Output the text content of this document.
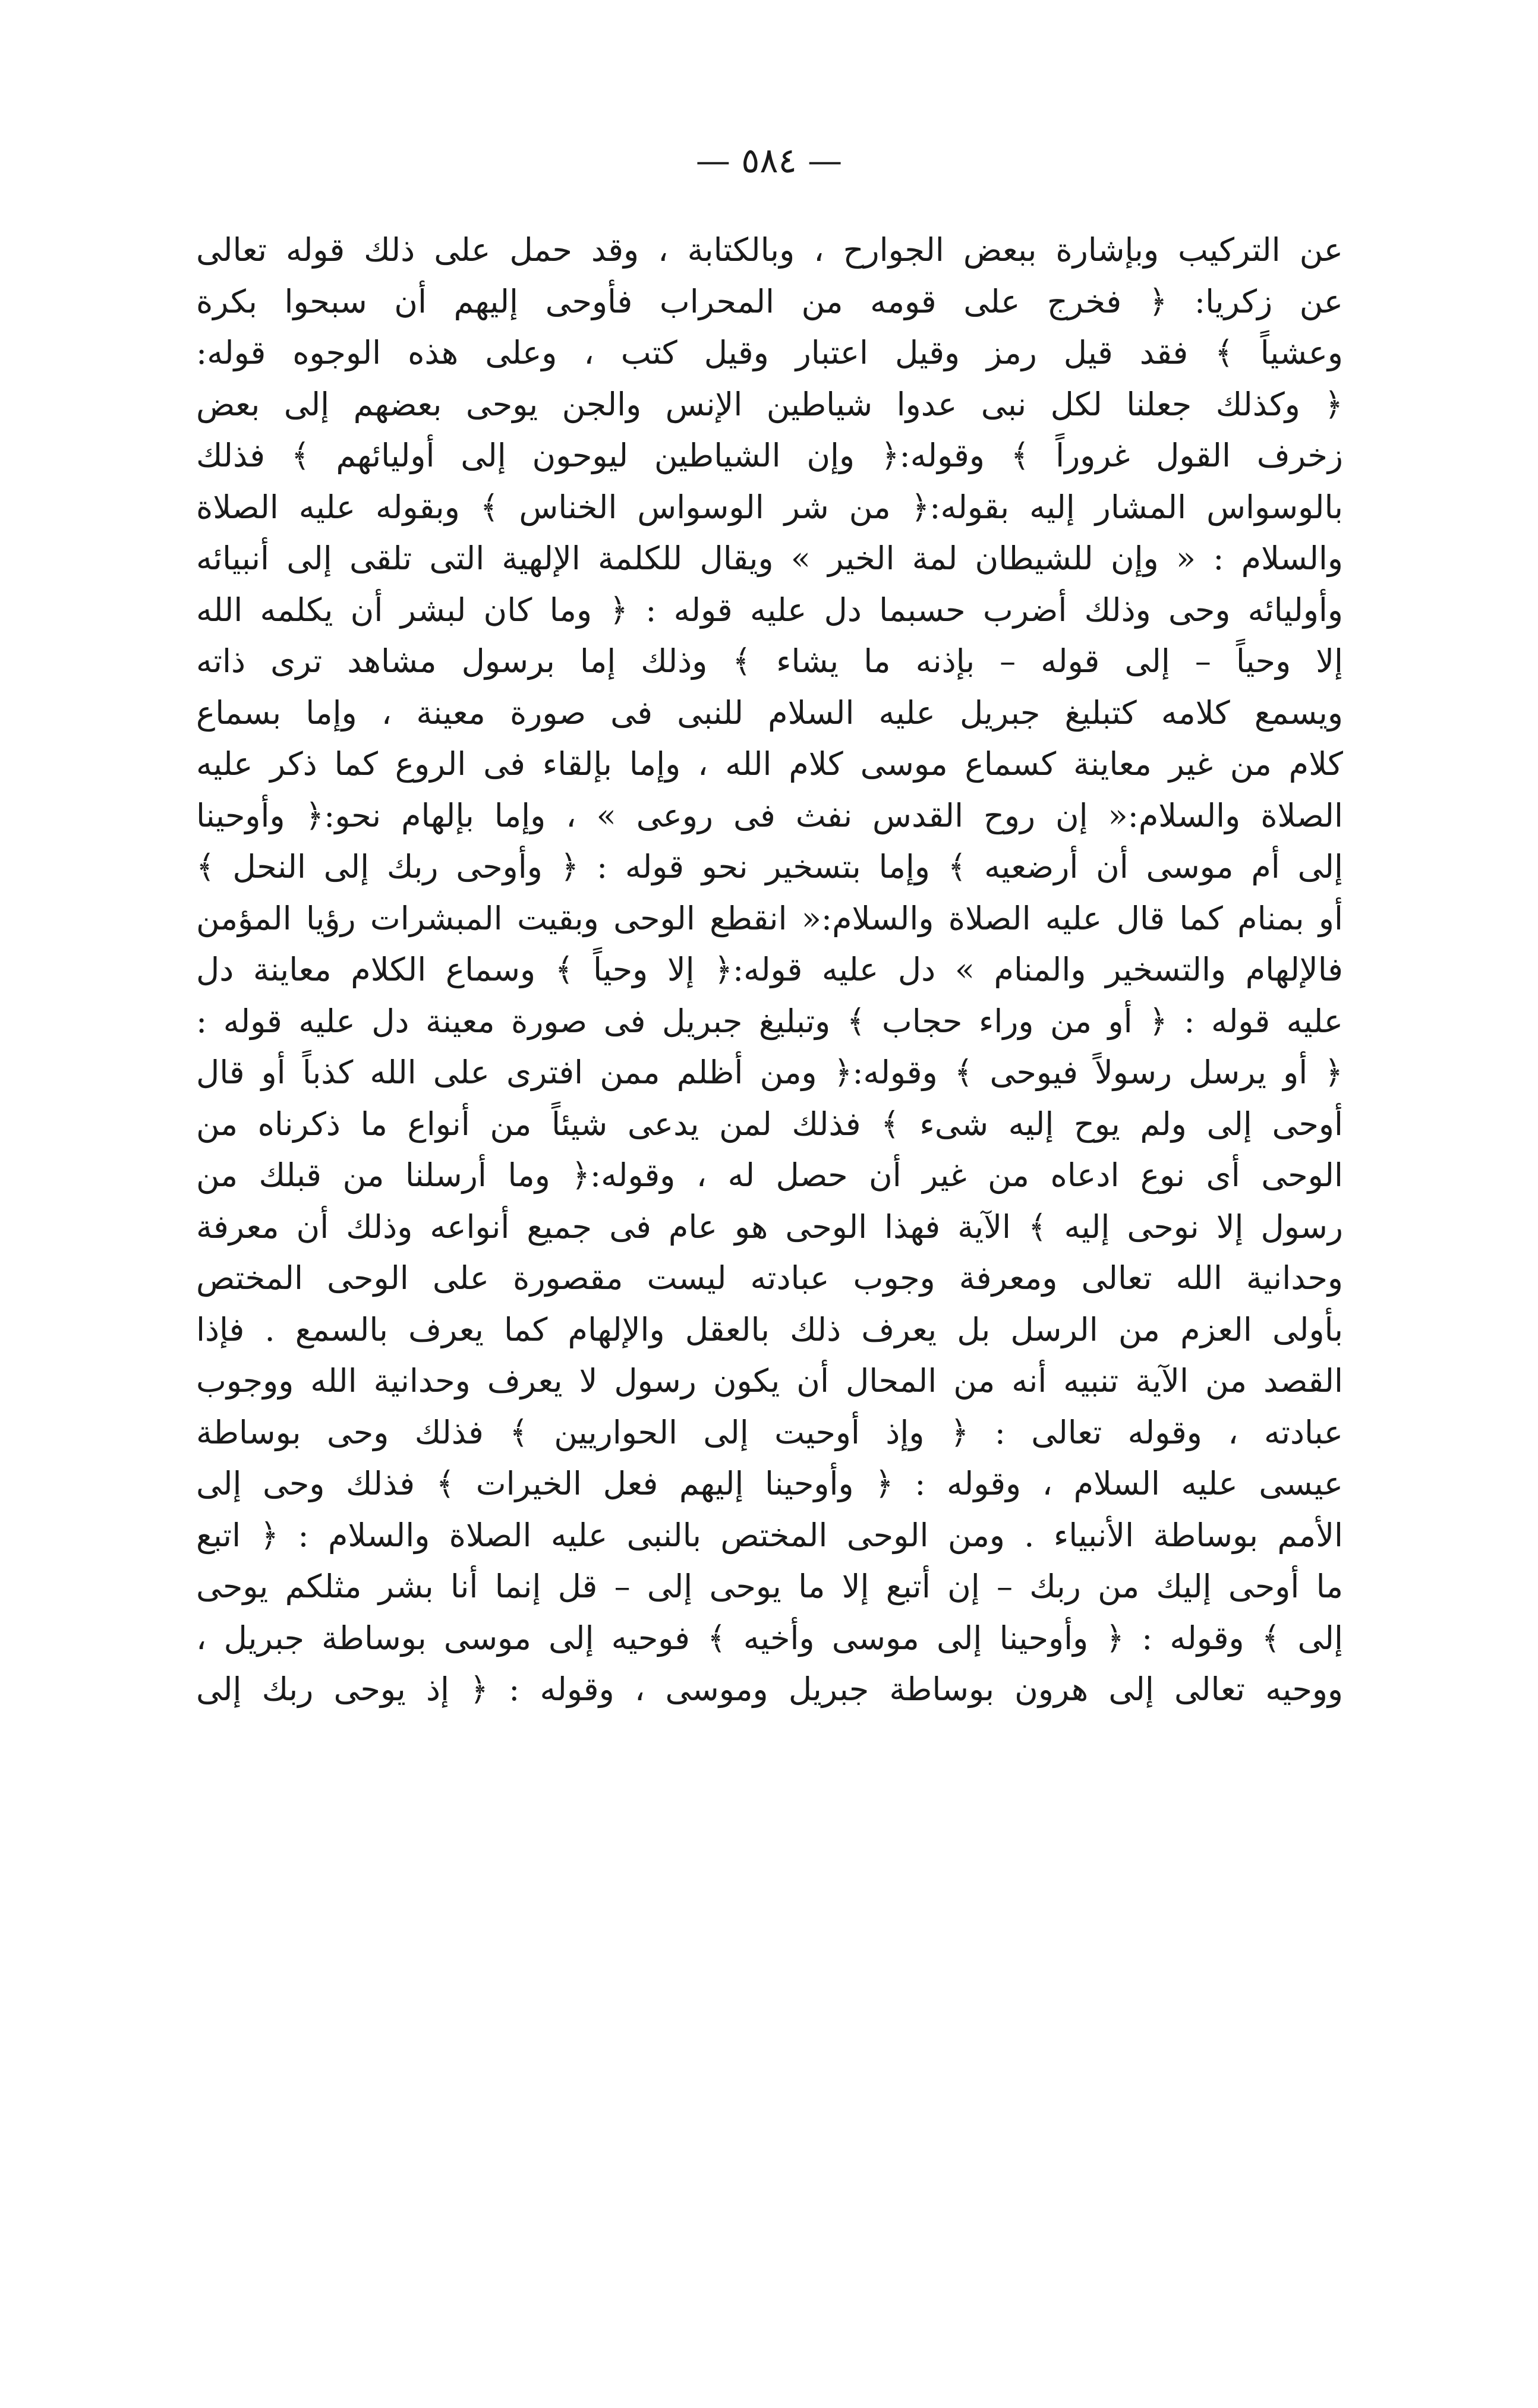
— ٥٨٤ —
عن التركيب وبإشارة ببعض الجوارح ، وبالكتابة ، وقد حمل على ذلك قوله تعالى
عن زكريا: ﴿ فخرج على قومه من المحراب فأوحى إليهم أن سبحوا بكرة
وعشياً ﴾ فقد قيل رمز وقيل اعتبار وقيل كتب ، وعلى هذه الوجوه قوله:
﴿ وكذلك جعلنا لكل نبى عدوا شياطين الإنس والجن يوحى بعضهم إلى بعض
زخرف القول غروراً ﴾ وقوله:﴿ وإن الشياطين ليوحون إلى أوليائهم ﴾ فذلك
بالوسواس المشار إليه بقوله:﴿ من شر الوسواس الخناس ﴾ وبقوله عليه الصلاة
والسلام : « وإن للشيطان لمة الخير » ويقال للكلمة الإلهية التى تلقى إلى أنبيائه
وأوليائه وحى وذلك أضرب حسبما دل عليه قوله : ﴿ وما كان لبشر أن يكلمه الله
إلا وحياً – إلى قوله – بإذنه ما يشاء ﴾ وذلك إما برسول مشاهد ترى ذاته
ويسمع كلامه كتبليغ جبريل عليه السلام للنبى فى صورة معينة ، وإما بسماع
كلام من غير معاينة كسماع موسى كلام الله ، وإما بإلقاء فى الروع كما ذكر عليه
الصلاة والسلام:« إن روح القدس نفث فى روعى » ، وإما بإلهام نحو:﴿ وأوحينا
إلى أم موسى أن أرضعيه ﴾ وإما بتسخير نحو قوله : ﴿ وأوحى ربك إلى النحل ﴾
أو بمنام كما قال عليه الصلاة والسلام:« انقطع الوحى وبقيت المبشرات رؤيا المؤمن
فالإلهام والتسخير والمنام » دل عليه قوله:﴿ إلا وحياً ﴾ وسماع الكلام معاينة دل
عليه قوله : ﴿ أو من وراء حجاب ﴾ وتبليغ جبريل فى صورة معينة دل عليه قوله :
﴿ أو يرسل رسولاً فيوحى ﴾ وقوله:﴿ ومن أظلم ممن افترى على الله كذباً أو قال
أوحى إلى ولم يوح إليه شىء ﴾ فذلك لمن يدعى شيئاً من أنواع ما ذكرناه من
الوحى أى نوع ادعاه من غير أن حصل له ، وقوله:﴿ وما أرسلنا من قبلك من
رسول إلا نوحى إليه ﴾ الآية فهذا الوحى هو عام فى جميع أنواعه وذلك أن معرفة
وحدانية الله تعالى ومعرفة وجوب عبادته ليست مقصورة على الوحى المختص
بأولى العزم من الرسل بل يعرف ذلك بالعقل والإلهام كما يعرف بالسمع . فإذا
القصد من الآية تنبيه أنه من المحال أن يكون رسول لا يعرف وحدانية الله ووجوب
عبادته ، وقوله تعالى : ﴿ وإذ أوحيت إلى الحواريين ﴾ فذلك وحى بوساطة
عيسى عليه السلام ، وقوله : ﴿ وأوحينا إليهم فعل الخيرات ﴾ فذلك وحى إلى
الأمم بوساطة الأنبياء . ومن الوحى المختص بالنبى عليه الصلاة والسلام : ﴿ اتبع
ما أوحى إليك من ربك – إن أتبع إلا ما يوحى إلى – قل إنما أنا بشر مثلكم يوحى
إلى ﴾ وقوله : ﴿ وأوحينا إلى موسى وأخيه ﴾ فوحيه إلى موسى بوساطة جبريل ،
ووحيه تعالى إلى هرون بوساطة جبريل وموسى ، وقوله : ﴿ إذ يوحى ربك إلى
